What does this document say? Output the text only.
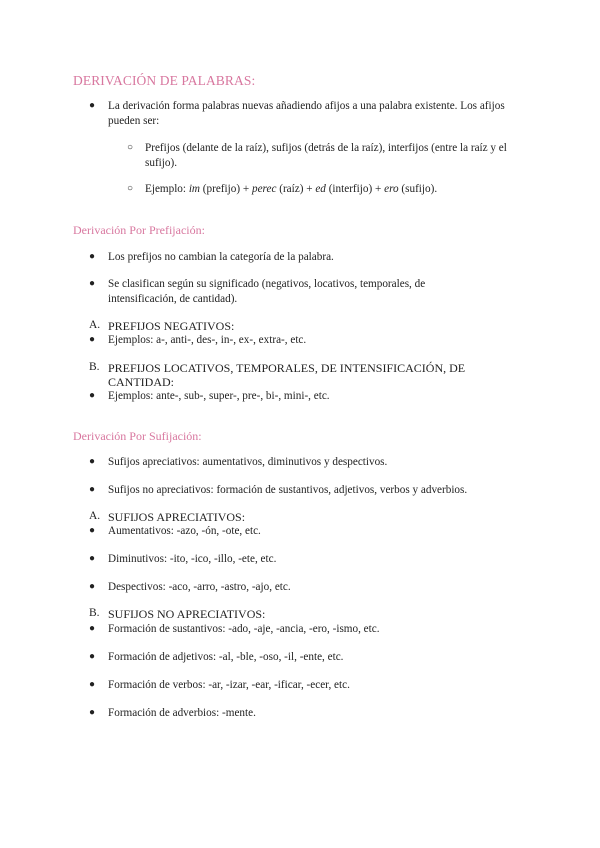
DERIVACIÓN DE PALABRAS:
● La derivación forma palabras nuevas añadiendo afijos a una palabra existente. Los afijos pueden ser:

○ Prefijos (delante de la raíz), sufijos (detrás de la raíz), interfijos (entre la raíz y el sufijo).

○ Ejemplo: im (prefijo) + perec (raíz) + ed (interfijo) + ero (sufijo).

Derivación Por Prefijación:
● Los prefijos no cambian la categoría de la palabra.

● Se clasifican según su significado (negativos, locativos, temporales, de intensificación, de cantidad).

A. PREFIJOS NEGATIVOS:

● Ejemplos: a-, anti-, des-, in-, ex-, extra-, etc.

B. PREFIJOS LOCATIVOS, TEMPORALES, DE INTENSIFICACIÓN, DE CANTIDAD:

● Ejemplos: ante-, sub-, super-, pre-, bi-, mini-, etc.

Derivación Por Sufijación:
● Sufijos apreciativos: aumentativos, diminutivos y despectivos.

● Sufijos no apreciativos: formación de sustantivos, adjetivos, verbos y adverbios.

A. SUFIJOS APRECIATIVOS:

● Aumentativos: -azo, -ón, -ote, etc.

● Diminutivos: -ito, -ico, -illo, -ete, etc.

● Despectivos: -aco, -arro, -astro, -ajo, etc.

B. SUFIJOS NO APRECIATIVOS:

● Formación de sustantivos: -ado, -aje, -ancia, -ero, -ismo, etc.

● Formación de adjetivos: -al, -ble, -oso, -il, -ente, etc.

● Formación de verbos: -ar, -izar, -ear, -ificar, -ecer, etc.

● Formación de adverbios: -mente.
